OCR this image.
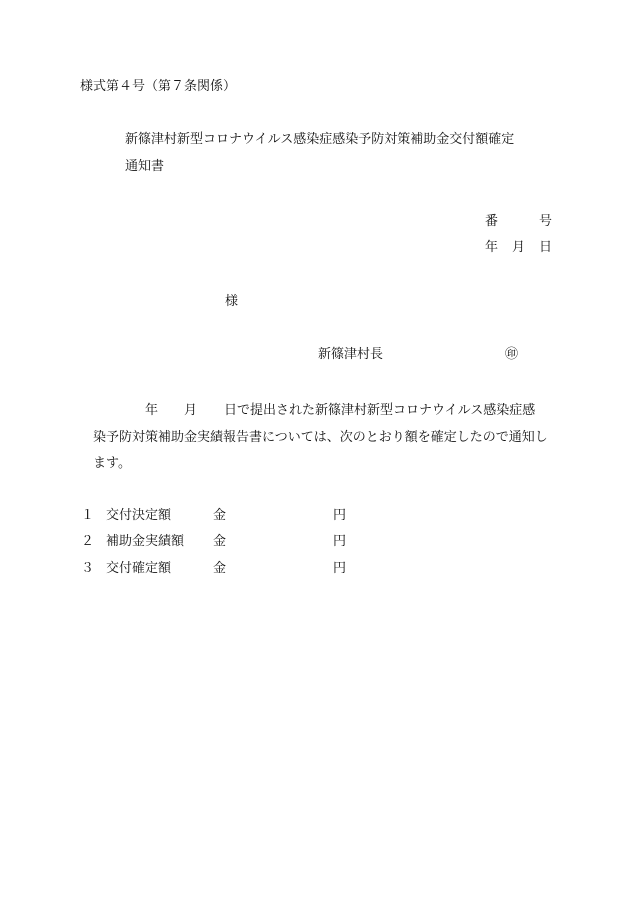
様式第４号（第７条関係）
新篠津村新型コロナウイルス感染症感染予防対策補助金交付額確定
通知書
番	号
年 月 日
様
新篠津村長	㊞
年 月 日で提出された新篠津村新型コロナウイルス感染症感
染予防対策補助金実績報告書については、次のとおり額を確定したので通知し
ます。
１ 交付決定額	金	円
２ 補助金実績額 金	円
３ 交付確定額	金	円
